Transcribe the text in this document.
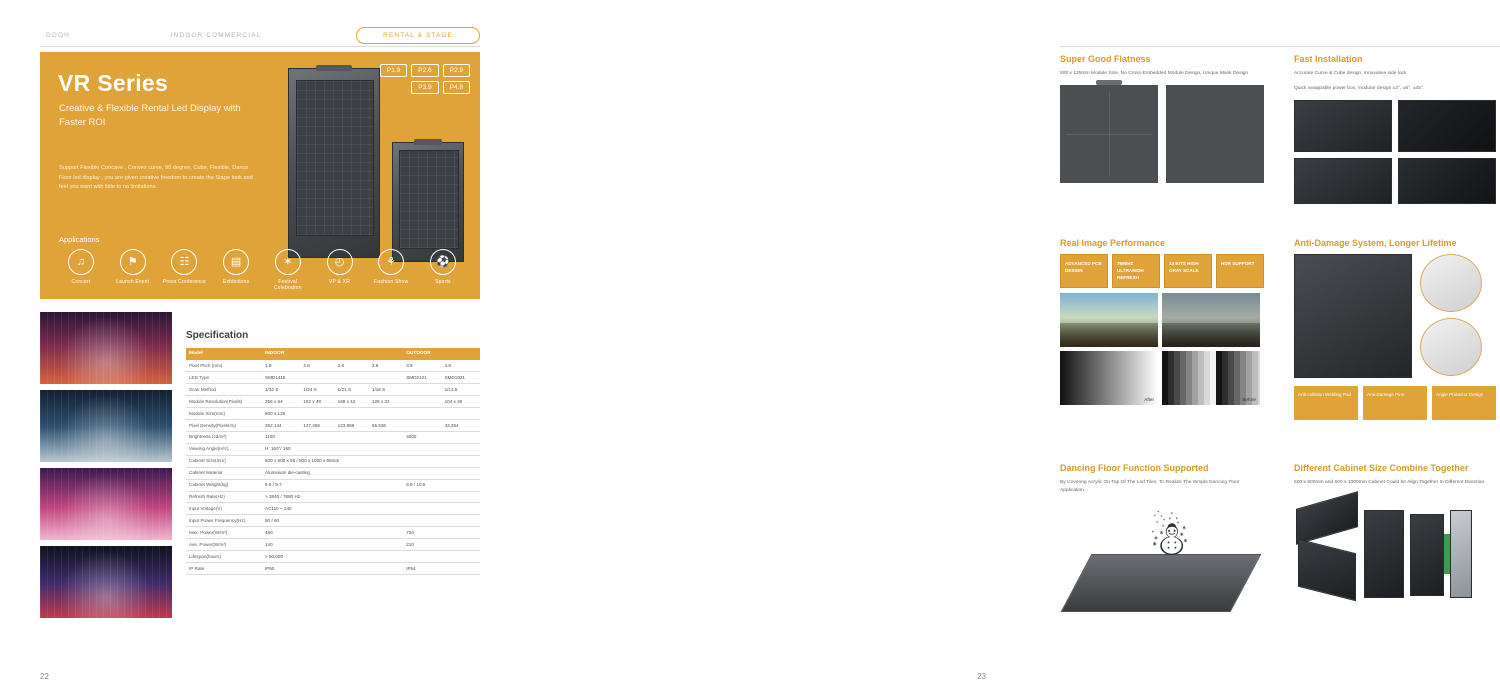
DOOH	INDOOR COMMERCIAL	RENTAL & STAGE
VR Series
Creative & Flexible Rental Led Display with Faster ROI
Support Flexible Concave , Convex curve, 90 degree, Cube, Flexible, Dance Floor led display , you are given creative freedom to create the Stage look and feel you want with little to no limitations.
P1.9	P2.6	P2.9
P3.9	P4.8
Applications
♫
Concert
⚑
Launch Event
☷
Press Conference
▤
Exhibitions
✶
Festival Celebration
◴
VP & XR
⚘
Fashion Show
⚽
Sports
Specification
Model	INDOOR				OUTDOOR	
Pixel Pitch (mm)	1.9	2.6	2.9	3.9	3.9	4.8
LED Type	SMD1415				SMD2121	SMD1921
Scan Method	1/32 S	1/24 S	1/21 S	1/16 S		1/13.5
Module Resolution(Pixels)	256 x 64	192 x 48	168 x 42	128 x 32		104 x 26
Module Size(mm)	500 x 125					
Pixel Density(Pixels/m)	262,144	147,456	123,896	65,536		43,264
Brightness (cd/m²)	1100				4000	
Viewing Angle(H/V)	H: 160°/ 160					
Cabinet Size(mm)	500 x 500 x 65 / 500 x 1000 x 65mm					
Cabinet Material	Aluminium die-casting					
Cabinet Weight(kg)	6.6 / 9.7				6.9 / 10.5	
Refresh Rate(Hz)	> 3840 / 7680 Hz					
Input Voltage(V)	AC110 ~ 240					
Input Power Frequency(Hz)	50 / 60					
Max. Power(W/m²)	480				720	
Ave. Power(W/m²)	140				210	
Lifespan(hours)	> 50,000					
IP Rate	IP50				IP54	
22
Super Good Flatness
500 x 125mm Module Size, No Cross-Embedded Module Design, Unique Mask Design
Fast Installation
Accurate Curve & Cube design. Innovative side lock
Quick swappable power box, modular design ±3°, ±6°, ±45°.
Real Image Performance
ADVANCED PCB DESIGN
7680HZ ULTRAHIGH REFRESH
14 BITS HIGH GRAY SCALE
HDR SUPPORT
After	Before
Anti-Damage System, Longer Lifetime
Anti-collision Welding Pad	Anti-Damage Pins	Angle Protector Design
Dancing Floor Function Supported
By Covering Acrylic On Top Of The Led Tiles, To Realize The Simple Dancing Floor Application.
☃
Different Cabinet Size Combine Together
500 x 500mm and 500 x 1000mm Cabinet Could be Align Together In Different Direction.
23
